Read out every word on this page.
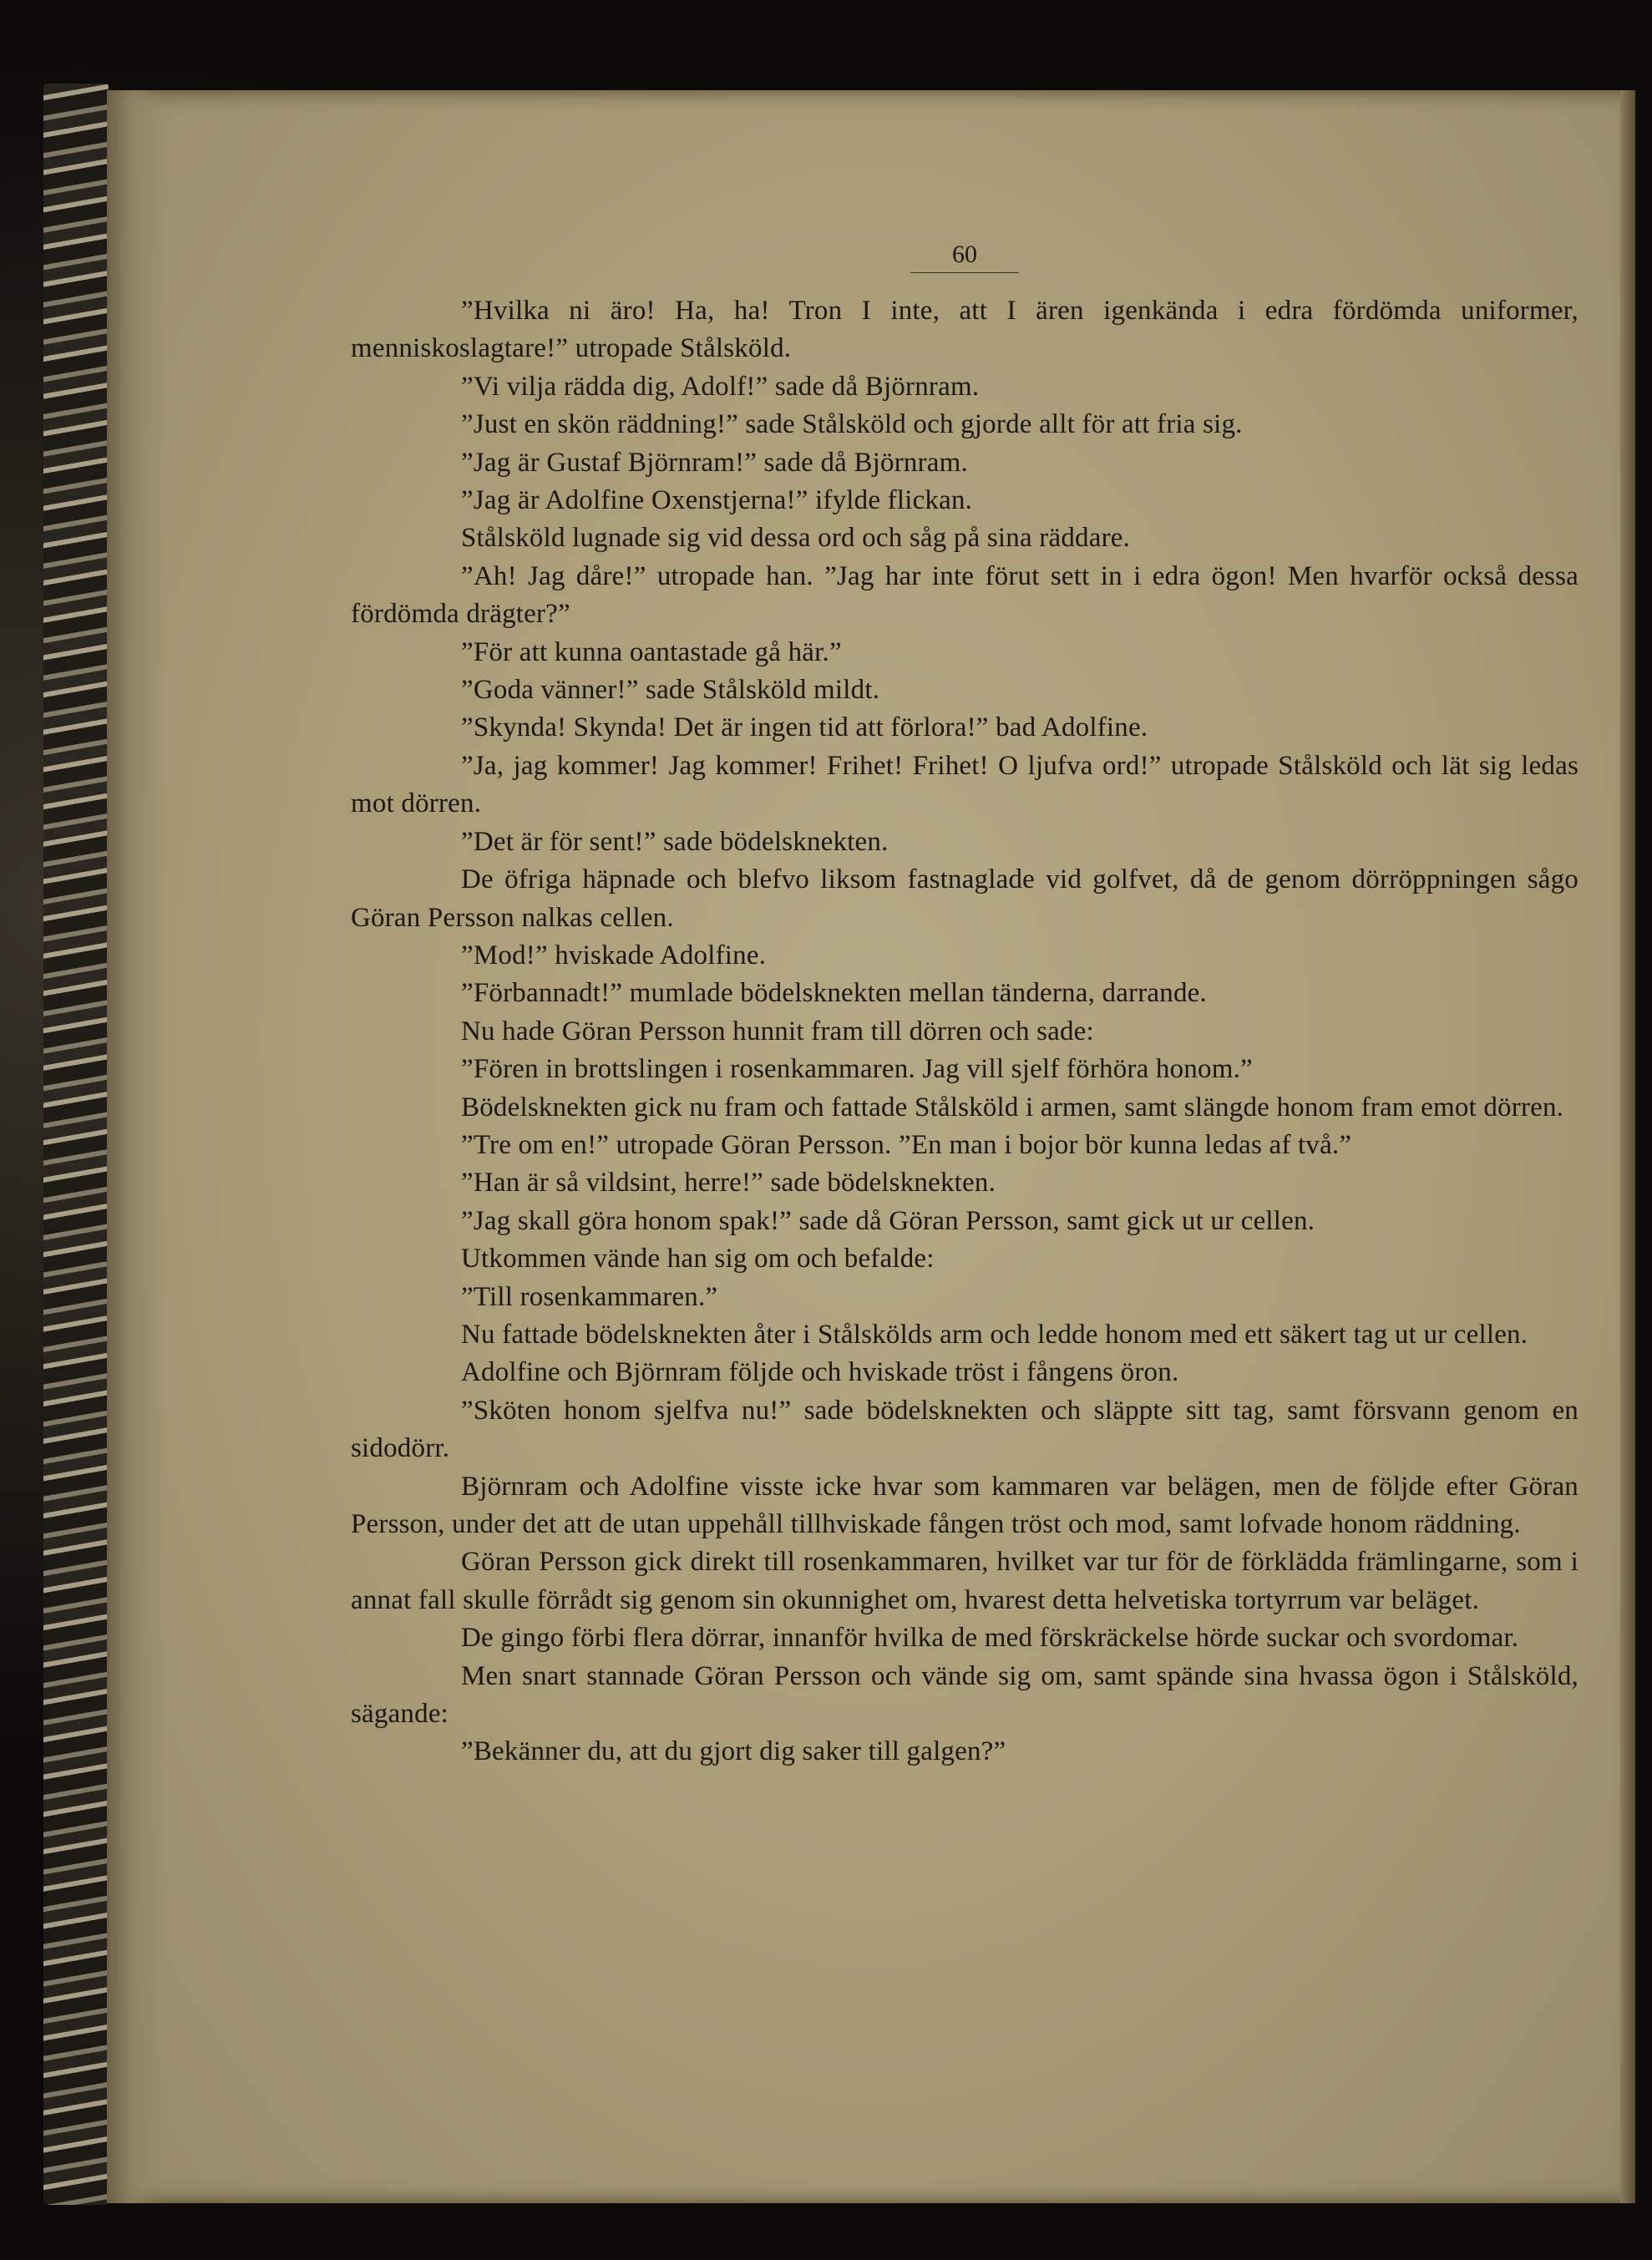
60

”Hvilka ni äro! Ha, ha! Tron I inte, att I ären igenkända i edra fördömda uniformer, menniskoslagtare!” utropade Stålsköld.

”Vi vilja rädda dig, Adolf!” sade då Björnram.

”Just en skön räddning!” sade Stålsköld och gjorde allt för att fria sig.

”Jag är Gustaf Björnram!” sade då Björnram.

”Jag är Adolfine Oxenstjerna!” ifylde flickan.

Stålsköld lugnade sig vid dessa ord och såg på sina räddare.

”Ah! Jag dåre!” utropade han. ”Jag har inte förut sett in i edra ögon! Men hvarför också dessa fördömda drägter?”

”För att kunna oantastade gå här.”

”Goda vänner!” sade Stålsköld mildt.

”Skynda! Skynda! Det är ingen tid att förlora!” bad Adolfine.

”Ja, jag kommer! Jag kommer! Frihet! Frihet! O ljufva ord!” utropade Stålsköld och lät sig ledas mot dörren.

”Det är för sent!” sade bödelsknekten.

De öfriga häpnade och blefvo liksom fastnaglade vid golfvet, då de genom dörröppningen sågo Göran Persson nalkas cellen.

”Mod!” hviskade Adolfine.

”Förbannadt!” mumlade bödelsknekten mellan tänderna, darrande.

Nu hade Göran Persson hunnit fram till dörren och sade:

”Fören in brottslingen i rosenkammaren. Jag vill sjelf förhöra honom.”

Bödelsknekten gick nu fram och fattade Stålsköld i armen, samt slängde honom fram emot dörren.

”Tre om en!” utropade Göran Persson. ”En man i bojor bör kunna ledas af två.”

”Han är så vildsint, herre!” sade bödelsknekten.

”Jag skall göra honom spak!” sade då Göran Persson, samt gick ut ur cellen.

Utkommen vände han sig om och befalde:

”Till rosenkammaren.”

Nu fattade bödelsknekten åter i Stålskölds arm och ledde honom med ett säkert tag ut ur cellen.

Adolfine och Björnram följde och hviskade tröst i fångens öron.

”Sköten honom sjelfva nu!” sade bödelsknekten och släppte sitt tag, samt försvann genom en sidodörr.

Björnram och Adolfine visste icke hvar som kammaren var belägen, men de följde efter Göran Persson, under det att de utan uppehåll tillhviskade fången tröst och mod, samt lofvade honom räddning.

Göran Persson gick direkt till rosenkammaren, hvilket var tur för de förklädda främlingarne, som i annat fall skulle förrådt sig genom sin okunnighet om, hvarest detta helvetiska tortyrrum var beläget.

De gingo förbi flera dörrar, innanför hvilka de med förskräckelse hörde suckar och svordomar.

Men snart stannade Göran Persson och vände sig om, samt spände sina hvassa ögon i Stålsköld, sägande:

”Bekänner du, att du gjort dig saker till galgen?”
